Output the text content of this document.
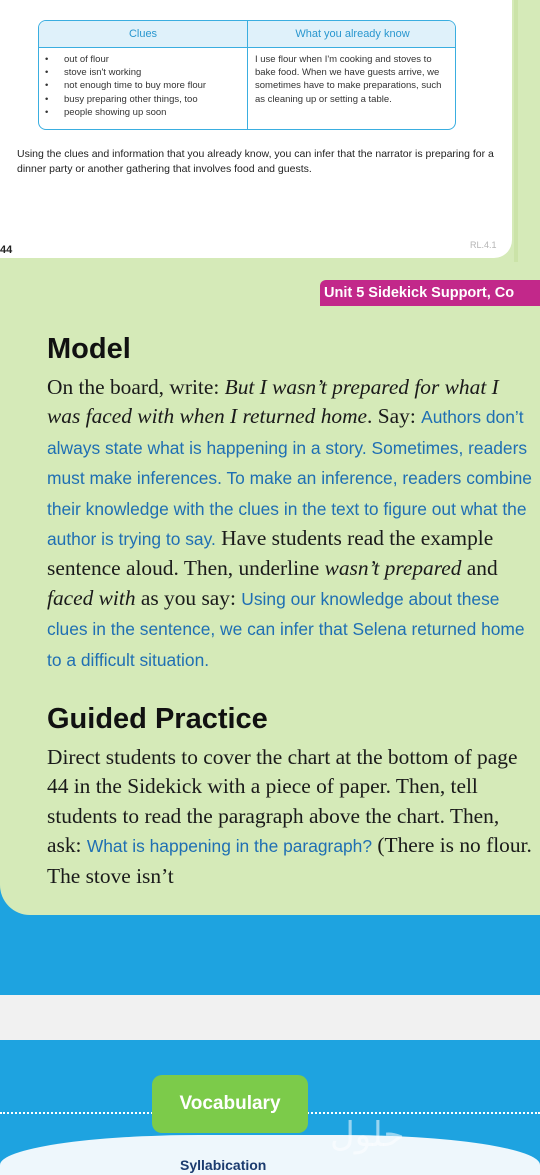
Clues	What you already know
• out of flour
• stove isn't working
• not enough time to buy more flour
• busy preparing other things, too
• people showing up soon
I use flour when I'm cooking and stoves to bake food. When we have guests arrive, we sometimes have to make preparations, such as cleaning up or setting a table.
Using the clues and information that you already know, you can infer that the narrator is preparing for a dinner party or another gathering that involves food and guests.
44	RL.4.1
Unit 5 Sidekick Support, Co
Model
On the board, write: But I wasn’t prepared for what I was faced with when I returned home. Say: Authors don’t always state what is happening in a story. Sometimes, readers must make inferences. To make an inference, readers combine their knowledge with the clues in the text to figure out what the author is trying to say. Have students read the example sentence aloud. Then, underline wasn’t prepared and faced with as you say: Using our knowledge about these clues in the sentence, we can infer that Selena returned home to a difficult situation.
Guided Practice
Direct students to cover the chart at the bottom of page 44 in the Sidekick with a piece of paper. Then, tell students to read the paragraph above the chart. Then, ask: What is happening in the paragraph? (There is no flour. The stove isn’t
Vocabulary
Syllabication
حلول
